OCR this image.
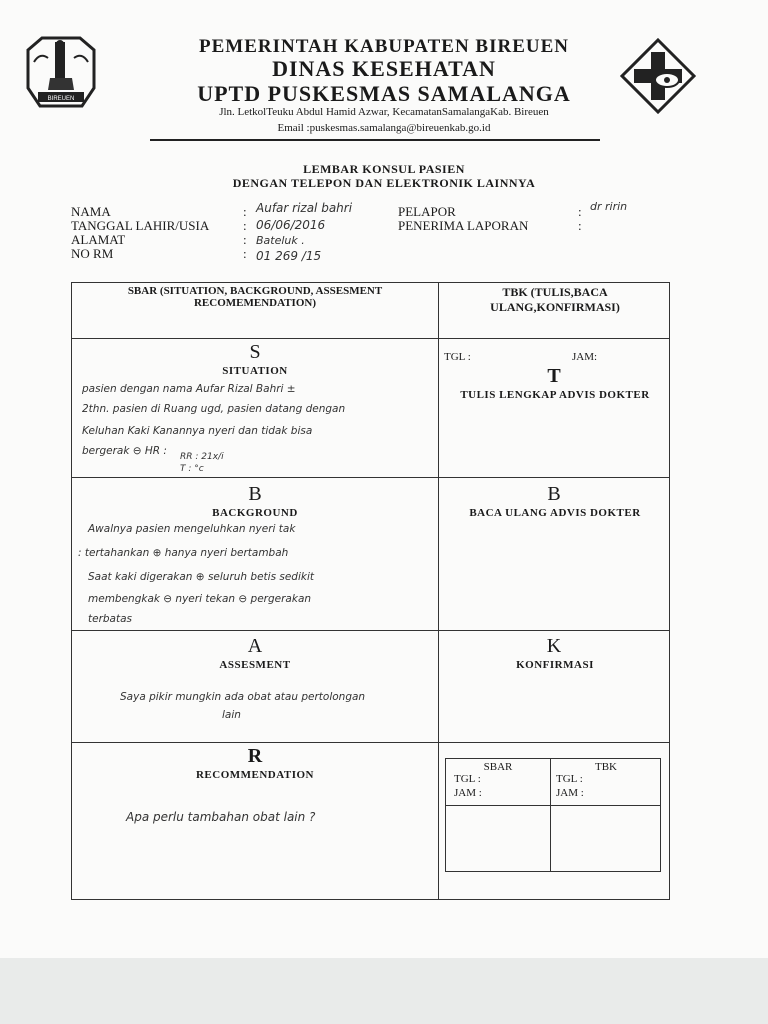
BIREUEN
PEMERINTAH KABUPATEN BIREUEN
DINAS KESEHATAN
UPTD PUSKESMAS SAMALANGA
Jln. LetkolTeuku Abdul Hamid Azwar, KecamatanSamalangaKab. Bireuen
Email :puskesmas.samalanga@bireuenkab.go.id
LEMBAR KONSUL PASIEN
DENGAN TELEPON DAN ELEKTRONIK LAINNYA
NAMA
TANGGAL LAHIR/USIA
ALAMAT
NO RM
:
:
:
:
Aufar rizal bahri
06/06/2016
Bateluk .
01 269 /15
PELAPOR
PENERIMA LAPORAN
:
:
dr ririn
SBAR (SITUATION, BACKGROUND, ASSESMENT RECOMEMENDATION)
TBK (TULIS,BACA ULANG,KONFIRMASI)
S
SITUATION
pasien dengan nama Aufar Rizal Bahri ±
2thn. pasien di Ruang ugd, pasien datang dengan
Keluhan Kaki Kanannya nyeri dan tidak bisa
bergerak ⊖ HR : RR : 21x/i
T : °c
TGL :	JAM:
T
TULIS LENGKAP ADVIS DOKTER
B
BACKGROUND
Awalnya pasien mengeluhkan nyeri tak
: tertahankan ⊕ hanya nyeri bertambah
Saat kaki digerakan ⊕ seluruh betis sedikit
membengkak ⊖ nyeri tekan ⊖ pergerakan
terbatas
B
BACA ULANG ADVIS DOKTER
A
ASSESMENT
Saya pikir mungkin ada obat atau pertolongan
lain
K
KONFIRMASI
R
RECOMMENDATION
Apa perlu tambahan obat lain ?
SBAR	TBK
TGL :
JAM :
TGL :
JAM :
